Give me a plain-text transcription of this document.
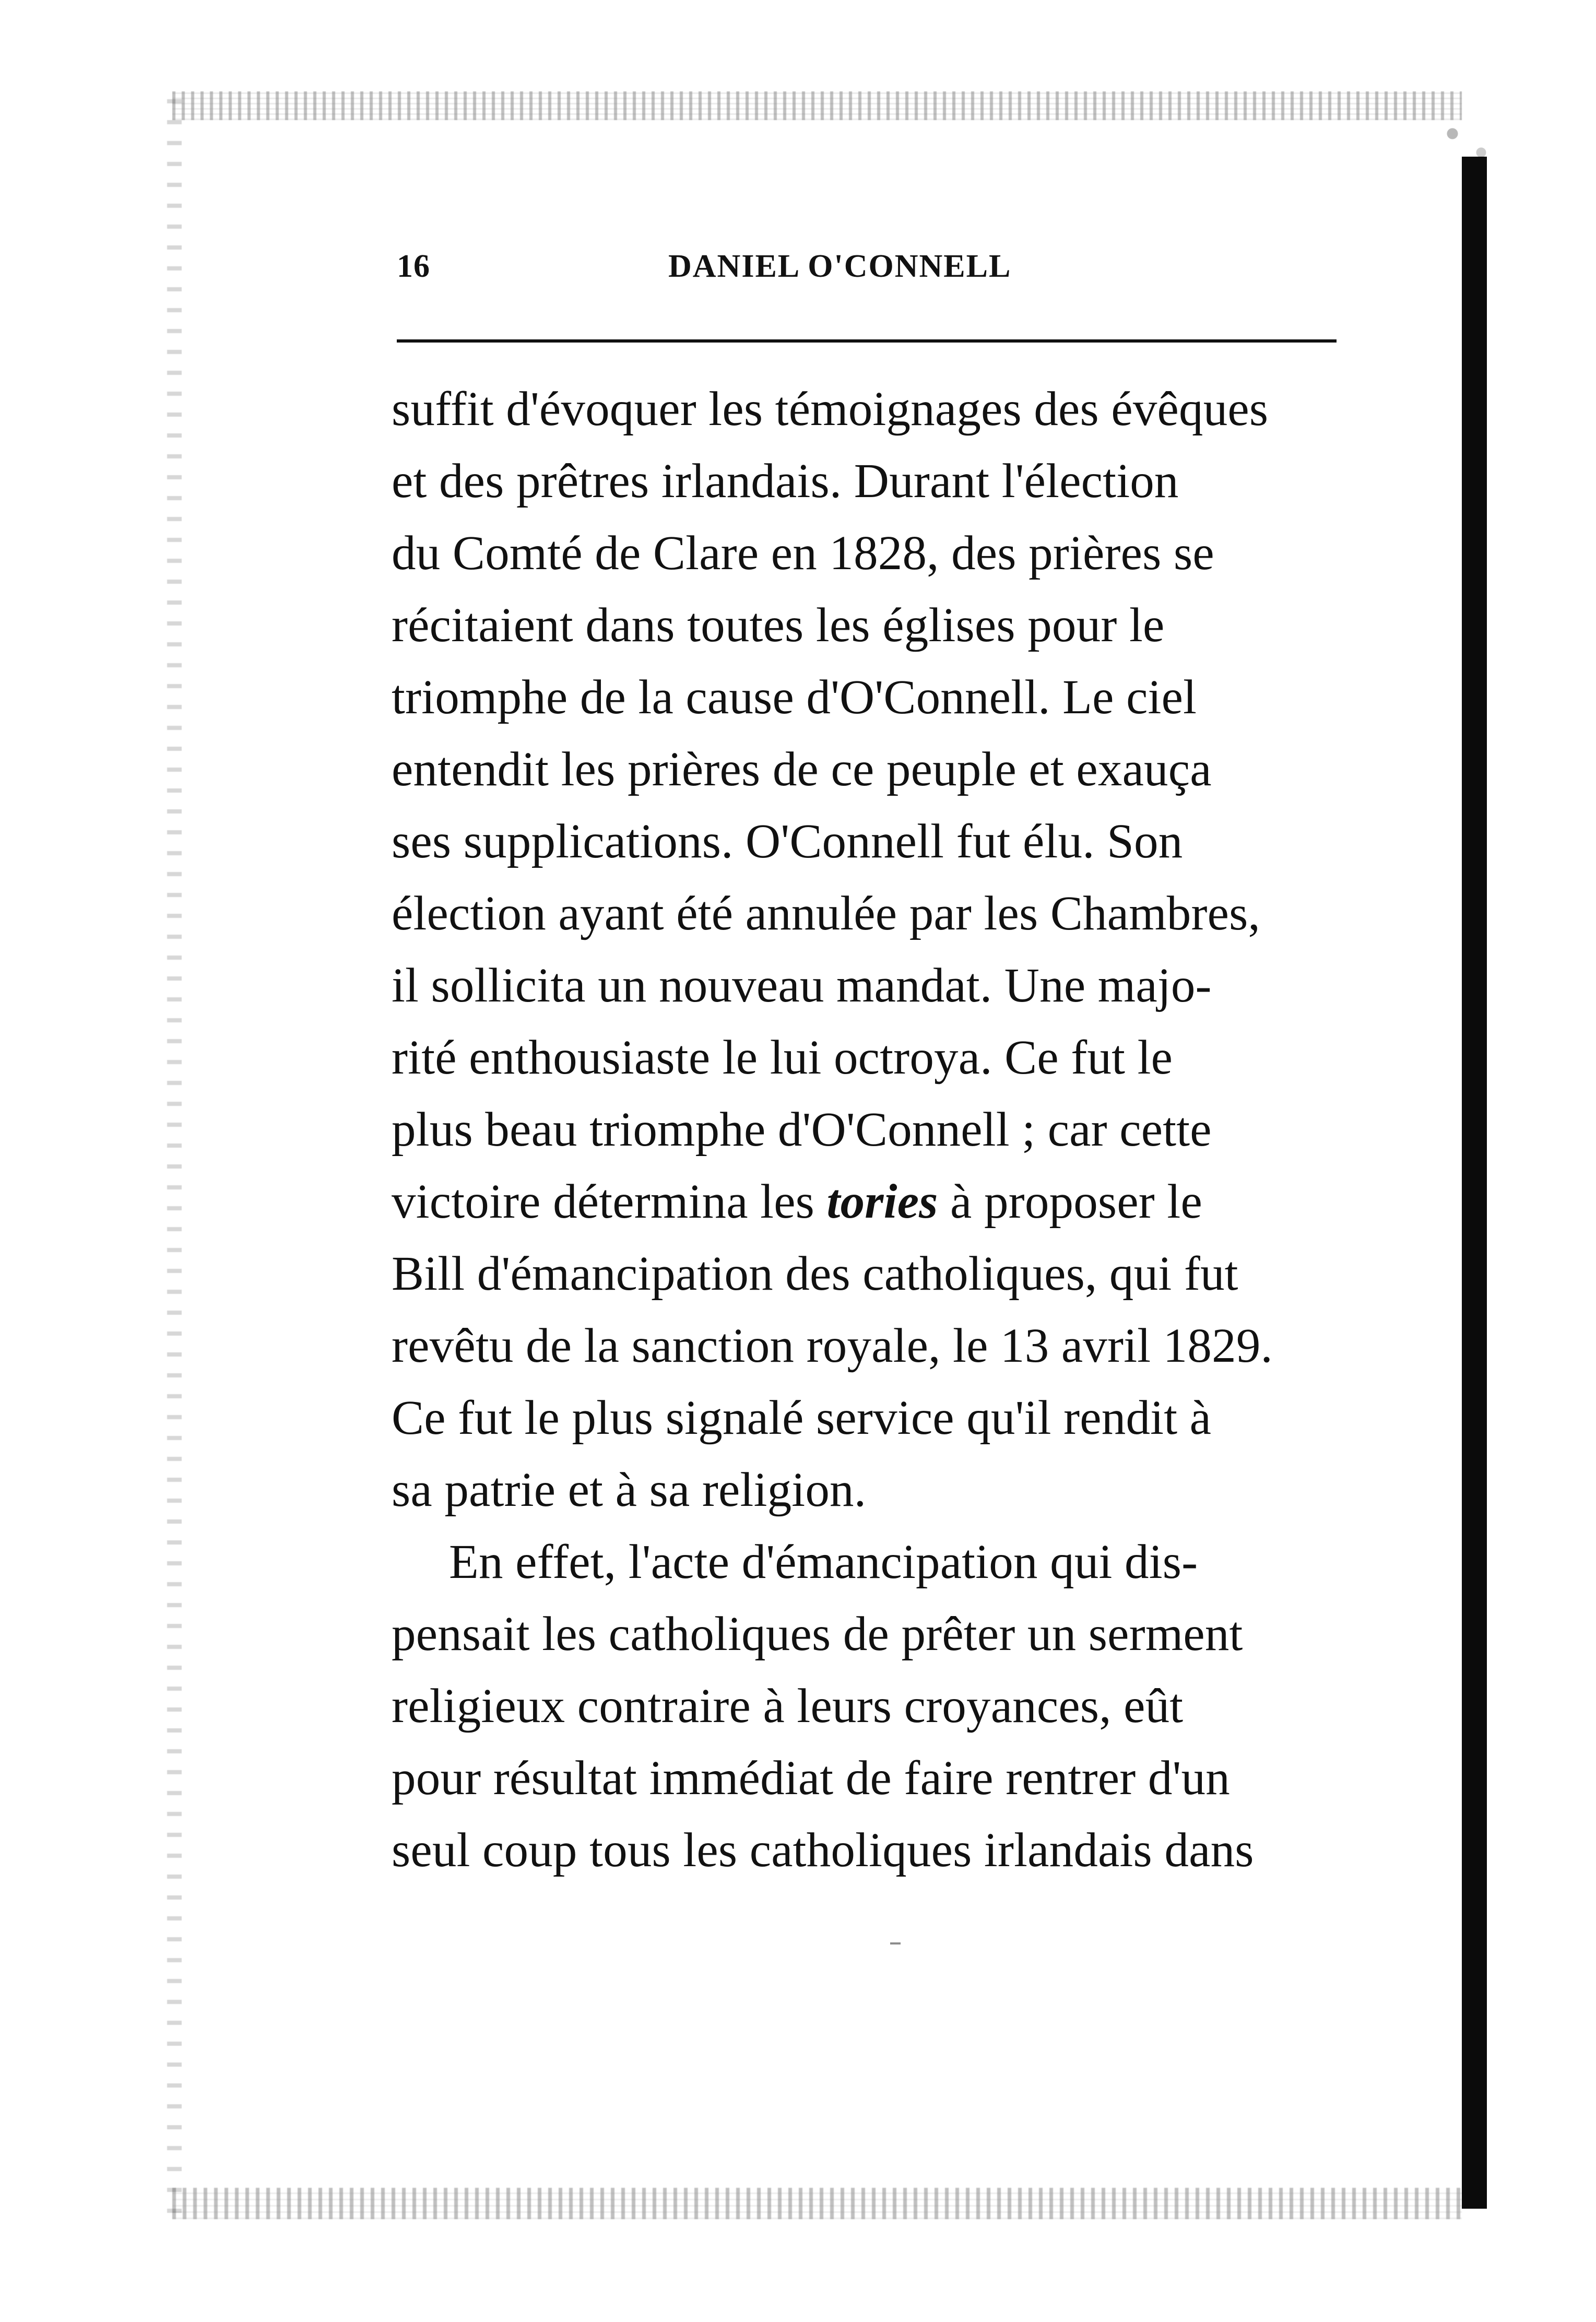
16	DANIEL O'CONNELL

suffit d'évoquer les témoignages des évêques
et des prêtres irlandais. Durant l'élection
du Comté de Clare en 1828, des prières se
récitaient dans toutes les églises pour le
triomphe de la cause d'O'Connell. Le ciel
entendit les prières de ce peuple et exauça
ses supplications. O'Connell fut élu. Son
élection ayant été annulée par les Chambres,
il sollicita un nouveau mandat. Une majo-
rité enthousiaste le lui octroya. Ce fut le
plus beau triomphe d'O'Connell ; car cette
victoire détermina les tories à proposer le
Bill d'émancipation des catholiques, qui fut
revêtu de la sanction royale, le 13 avril 1829.
Ce fut le plus signalé service qu'il rendit à
sa patrie et à sa religion.

En effet, l'acte d'émancipation qui dis-
pensait les catholiques de prêter un serment
religieux contraire à leurs croyances, eût
pour résultat immédiat de faire rentrer d'un
seul coup tous les catholiques irlandais dans
